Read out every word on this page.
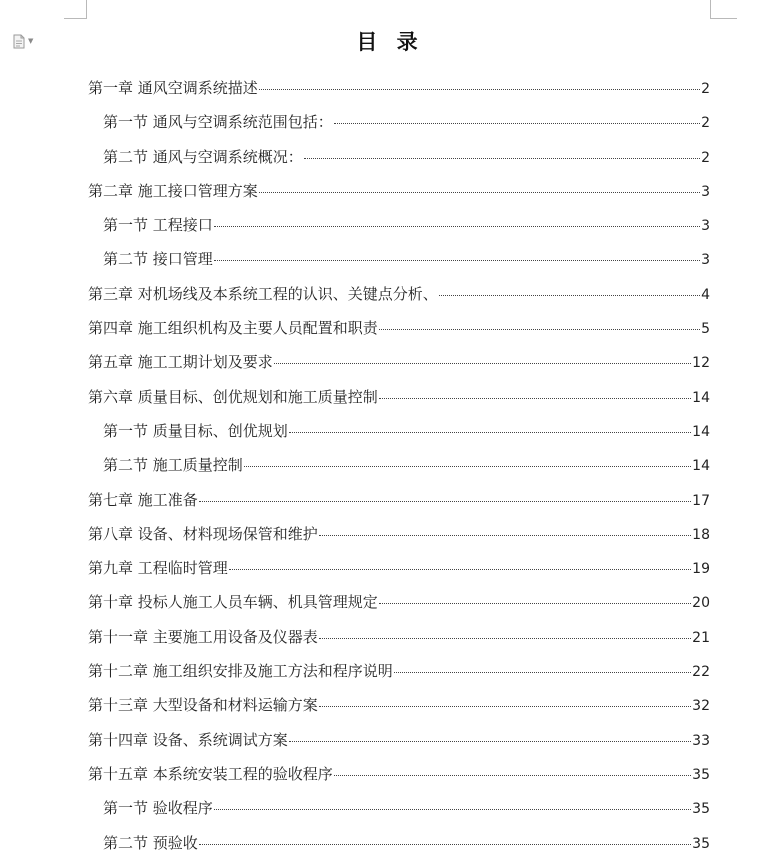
▼	目 录
第一章 通风空调系统描述	2
第一节 通风与空调系统范围包括：	2
第二节 通风与空调系统概况：	2
第二章 施工接口管理方案	3
第一节 工程接口	3
第二节 接口管理	3
第三章 对机场线及本系统工程的认识、关键点分析、	4
第四章 施工组织机构及主要人员配置和职责	5
第五章 施工工期计划及要求	12
第六章 质量目标、创优规划和施工质量控制	14
第一节 质量目标、创优规划	14
第二节 施工质量控制	14
第七章 施工准备	17
第八章 设备、材料现场保管和维护	18
第九章 工程临时管理	19
第十章 投标人施工人员车辆、机具管理规定	20
第十一章 主要施工用设备及仪器表	21
第十二章 施工组织安排及施工方法和程序说明	22
第十三章 大型设备和材料运输方案	32
第十四章 设备、系统调试方案	33
第十五章 本系统安装工程的验收程序	35
第一节 验收程序	35
第二节 预验收	35
